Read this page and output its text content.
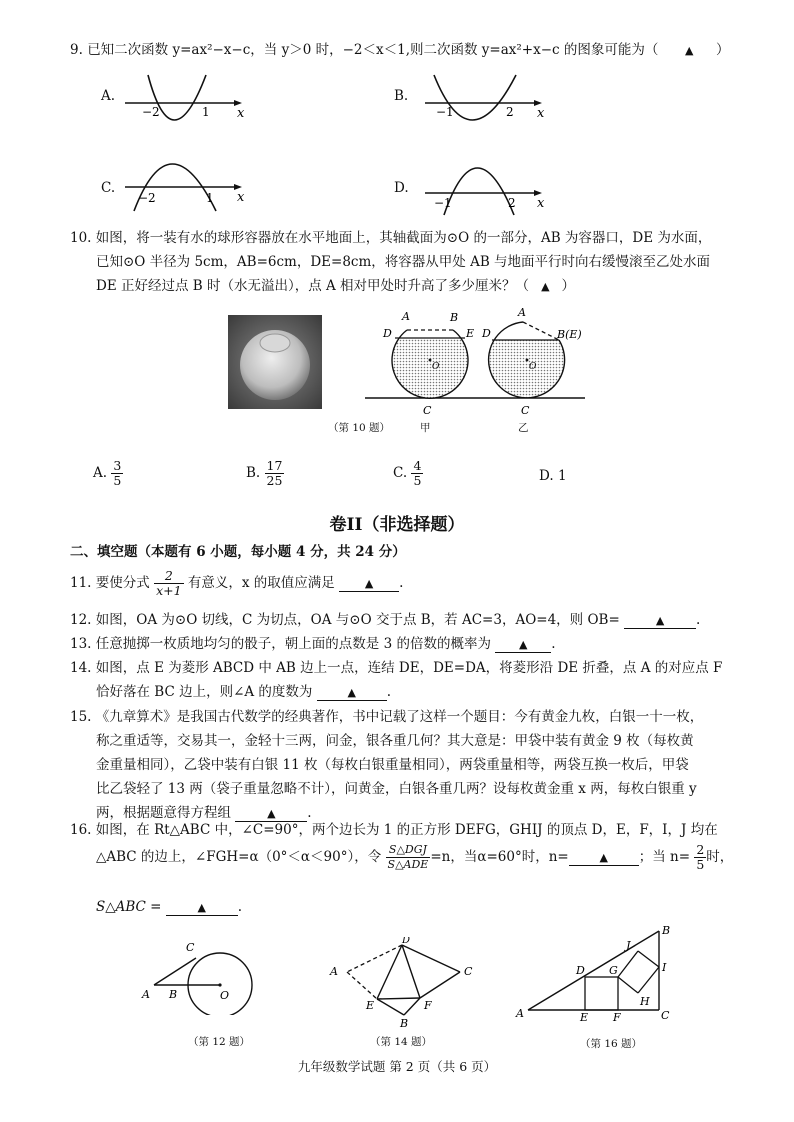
9. 已知二次函数 y=ax²−x−c，当 y＞0 时，−2＜x＜1,则二次函数 y=ax²+x−c 的图象可能为（ ▲ ）
A.
−2	1 x
B.
−1	2 x
C.
−2	1 x
D.
−1	2 x
10. 如图，将一装有水的球形容器放在水平地面上，其轴截面为⊙O 的一部分，AB 为容器口，DE 为水面，
已知⊙O 半径为 5cm，AB=6cm，DE=8cm，将容器从甲处 AB 与地面平行时向右缓慢滚至乙处水面
DE 正好经过点 B 时（水无溢出），点 A 相对甲处时升高了多少厘米？（ ▲ ）
A	B
D	E
O
C
A
B(E)
D
O
C
（第 10 题）	甲	乙
A. $\frac{3}{5}$	B. $\frac{17}{25}$	C. $\frac{4}{5}$	D. 1
卷II（非选择题）
二、填空题（本题有 6 小题，每小题 4 分，共 24 分）
11. 要使分式 $\frac{2}{x+1}$ 有意义，x 的取值应满足	▲ .
12. 如图，OA 为⊙O 切线，C 为切点，OA 与⊙O 交于点 B，若 AC=3，AO=4，则 OB=	▲ .
13. 任意抛掷一枚质地均匀的骰子，朝上面的点数是 3 的倍数的概率为	▲ .
14. 如图，点 E 为菱形 ABCD 中 AB 边上一点，连结 DE，DE=DA，将菱形沿 DE 折叠，点 A 的对应点 F
恰好落在 BC 边上，则∠A 的度数为	▲ .
15. 《九章算术》是我国古代数学的经典著作，书中记载了这样一个题目：今有黄金九枚，白银一十一枚，
称之重适等，交易其一，金轻十三两，问金，银各重几何？其大意是：甲袋中装有黄金 9 枚（每枚黄
金重量相同），乙袋中装有白银 11 枚（每枚白银重量相同），两袋重量相等，两袋互换一枚后，甲袋
比乙袋轻了 13 两（袋子重量忽略不计），问黄金，白银各重几两？设每枚黄金重 x 两，每枚白银重 y
两，根据题意得方程组	▲ .
16. 如图，在 Rt△ABC 中，∠C=90°，两个边长为 1 的正方形 DEFG，GHIJ 的顶点 D，E，F，I，J 均在
△ABC 的边上，∠FGH=α（0°＜α＜90°），令 $\frac{\text{S△DGJ}}{\text{S△ADE}} =n$，当α=60°时，n=	▲ ；当 $n= \frac{2}{5}$ 时，
S△ABC =	▲ .
A B
C
O
（第 12 题）
D
A	C
E	F
B
（第 14 题）
A
B
C
D
E F
G
H
I
J
（第 16 题）
九年级数学试题 第 2 页（共 6 页）
